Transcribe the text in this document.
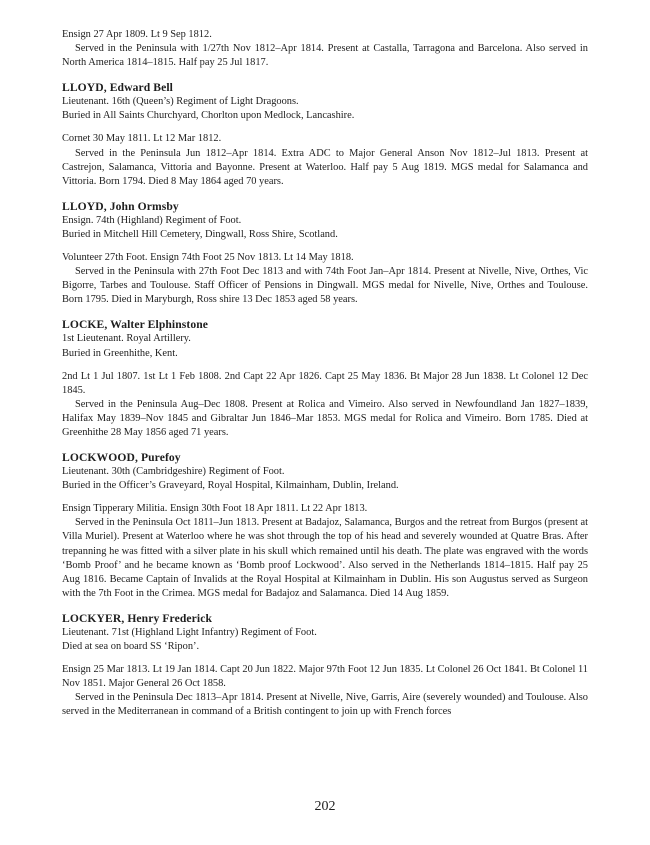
Ensign 27 Apr 1809. Lt 9 Sep 1812.

Served in the Peninsula with 1/27th Nov 1812–Apr 1814. Present at Castalla, Tarragona and Barcelona. Also served in North America 1814–1815. Half pay 25 Jul 1817.

LLOYD, Edward Bell

Lieutenant. 16th (Queen’s) Regiment of Light Dragoons.

Buried in All Saints Churchyard, Chorlton upon Medlock, Lancashire.

Cornet 30 May 1811. Lt 12 Mar 1812.

Served in the Peninsula Jun 1812–Apr 1814. Extra ADC to Major General Anson Nov 1812–Jul 1813. Present at Castrejon, Salamanca, Vittoria and Bayonne. Present at Waterloo. Half pay 5 Aug 1819. MGS medal for Salamanca and Vittoria. Born 1794. Died 8 May 1864 aged 70 years.

LLOYD, John Ormsby

Ensign. 74th (Highland) Regiment of Foot.

Buried in Mitchell Hill Cemetery, Dingwall, Ross Shire, Scotland.

Volunteer 27th Foot. Ensign 74th Foot 25 Nov 1813. Lt 14 May 1818.

Served in the Peninsula with 27th Foot Dec 1813 and with 74th Foot Jan–Apr 1814. Present at Nivelle, Nive, Orthes, Vic Bigorre, Tarbes and Toulouse. Staff Officer of Pensions in Dingwall. MGS medal for Nivelle, Nive, Orthes and Toulouse. Born 1795. Died in Maryburgh, Ross shire 13 Dec 1853 aged 58 years.

LOCKE, Walter Elphinstone

1st Lieutenant. Royal Artillery.

Buried in Greenhithe, Kent.

2nd Lt 1 Jul 1807. 1st Lt 1 Feb 1808. 2nd Capt 22 Apr 1826. Capt 25 May 1836. Bt Major 28 Jun 1838. Lt Colonel 12 Dec 1845.

Served in the Peninsula Aug–Dec 1808. Present at Rolica and Vimeiro. Also served in Newfoundland Jan 1827–1839, Halifax May 1839–Nov 1845 and Gibraltar Jun 1846–Mar 1853. MGS medal for Rolica and Vimeiro. Born 1785. Died at Greenhithe 28 May 1856 aged 71 years.

LOCKWOOD, Purefoy

Lieutenant. 30th (Cambridgeshire) Regiment of Foot.

Buried in the Officer’s Graveyard, Royal Hospital, Kilmainham, Dublin, Ireland.

Ensign Tipperary Militia. Ensign 30th Foot 18 Apr 1811. Lt 22 Apr 1813.

Served in the Peninsula Oct 1811–Jun 1813. Present at Badajoz, Salamanca, Burgos and the retreat from Burgos (present at Villa Muriel). Present at Waterloo where he was shot through the top of his head and severely wounded at Quatre Bras. After trepanning he was fitted with a silver plate in his skull which remained until his death. The plate was engraved with the words ‘Bomb Proof’ and he became known as ‘Bomb proof Lockwood’. Also served in the Netherlands 1814–1815. Half pay 25 Aug 1816. Became Captain of Invalids at the Royal Hospital at Kilmainham in Dublin. His son Augustus served as Surgeon with the 7th Foot in the Crimea. MGS medal for Badajoz and Salamanca. Died 14 Aug 1859.

LOCKYER, Henry Frederick

Lieutenant. 71st (Highland Light Infantry) Regiment of Foot.

Died at sea on board SS ‘Ripon’.

Ensign 25 Mar 1813. Lt 19 Jan 1814. Capt 20 Jun 1822. Major 97th Foot 12 Jun 1835. Lt Colonel 26 Oct 1841. Bt Colonel 11 Nov 1851. Major General 26 Oct 1858.

Served in the Peninsula Dec 1813–Apr 1814. Present at Nivelle, Nive, Garris, Aire (severely wounded) and Toulouse. Also served in the Mediterranean in command of a British contingent to join up with French forces

202
